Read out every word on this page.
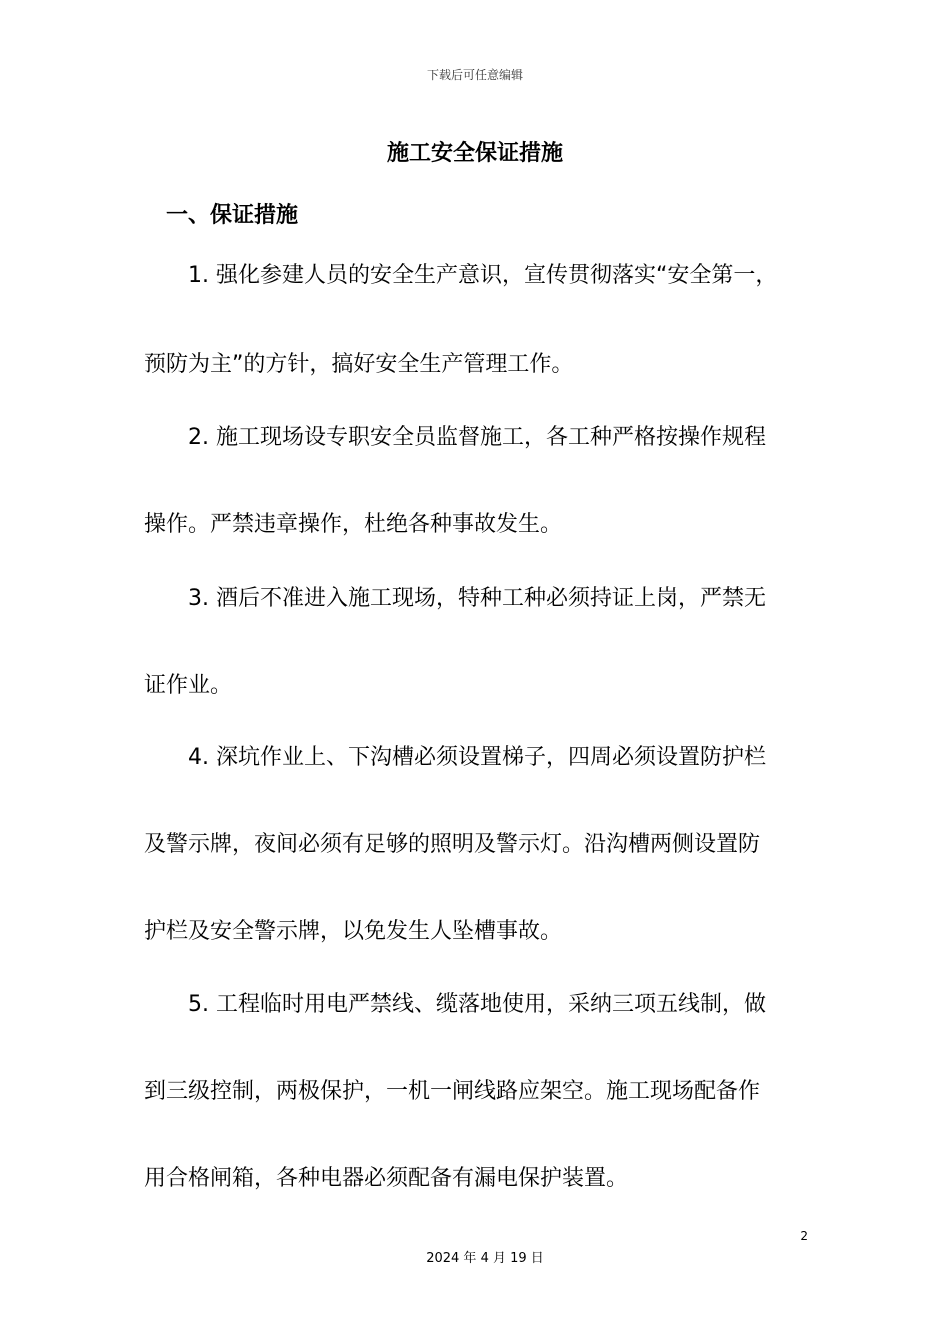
下载后可任意编辑
施工安全保证措施
一、保证措施
1. 强化参建人员的安全生产意识，宣传贯彻落实“安全第一，
预防为主”的方针，搞好安全生产管理工作。
2. 施工现场设专职安全员监督施工，各工种严格按操作规程
操作。严禁违章操作，杜绝各种事故发生。
3. 酒后不准进入施工现场，特种工种必须持证上岗，严禁无
证作业。
4. 深坑作业上、下沟槽必须设置梯子，四周必须设置防护栏
及警示牌，夜间必须有足够的照明及警示灯。沿沟槽两侧设置防
护栏及安全警示牌，以免发生人坠槽事故。
5. 工程临时用电严禁线、缆落地使用，采纳三项五线制，做
到三级控制，两极保护，一机一闸线路应架空。施工现场配备作
用合格闸箱，各种电器必须配备有漏电保护装置。
2
2024 年 4 月 19 日
